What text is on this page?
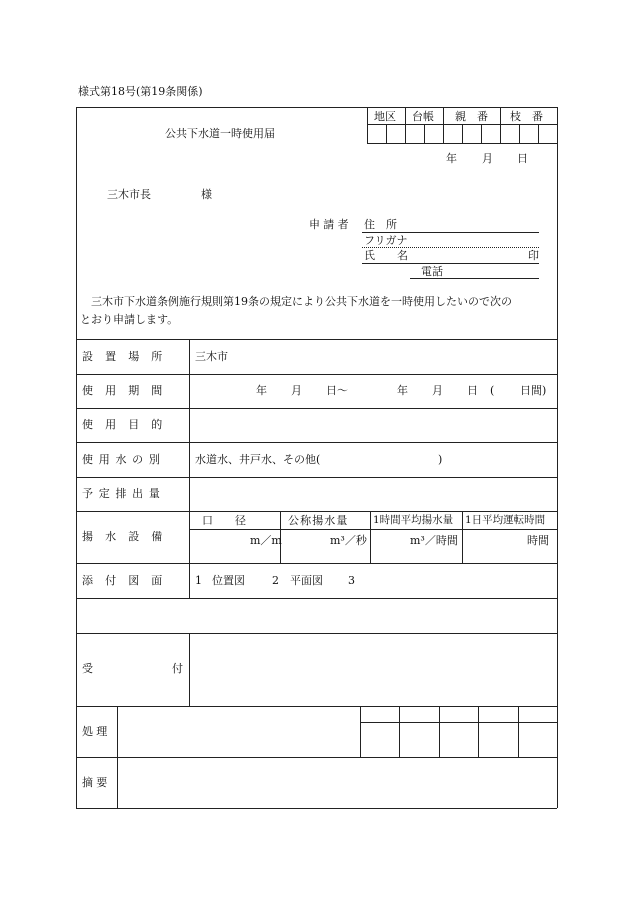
様式第18号(第19条関係)
地区 台帳 親　番 枝　番
公共下水道一時使用届
年 月 日
三木市長	様
申請者 住　所
フリガナ
氏　　名	印
電話
　三木市下水道条例施行規則第19条の規定により公共下水道を一時使用したいので次の
とおり申請します。
設置場所 三木市
使用期間	年 月 日～	年 月 日 ( 日間)
使用目的
使用水の別	水道水、井戸水、その他(	)
予定排出量
揚水設備
口　　径	公称揚水量 1時間平均揚水量 1日平均運転時間
m／m	m³／秒	m³／時間	時間
添付図面 1 位置図 2 平面図 3
受	付
処理
摘要
